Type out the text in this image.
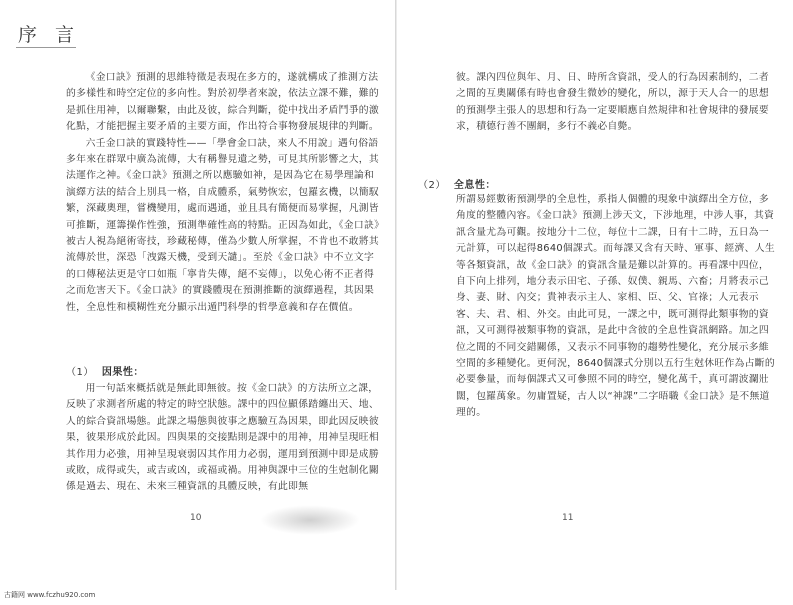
序 言

《金口訣》預測的思維特徵是表現在多方的，遂就構成了推測方法的多樣性和時空定位的多向性。對於初學者來說，依法立課不難，難的是抓住用神，以爾聯繫，由此及彼，綜合判斷，從中找出矛盾鬥爭的激化點，才能把握主要矛盾的主要方面，作出符合事物發展規律的判斷。

六壬金口訣的實踐特性——「學會金口訣，來人不用說」遇句俗語多年來在群眾中廣為流傳，大有稱譽見遺之勢，可見其所影響之大，其法運作之神。《金口訣》預測之所以應驗如神，是因為它在易學理論和演繹方法的結合上別具一格，自成體系，氣勢恢宏，包羅玄機，以簡馭繁，深藏奧理，嘗機變用，處而遇通，並且具有簡便而易掌握，凡測皆可推斷，運籌操作性強，預測準確性高的特點。正因為如此，《金口訣》被古人視為絕術寄技，珍藏秘傳，僅為少數人所掌握，不肯也不敢將其流傳於世，深恐「洩露天機，受到天譴」。至於《金口訣》中不立文字的口傳秘法更是守口如瓶「寧肯失傳，絕不妄傳」，以免心術不正者得之而危害天下。《金口訣》的實踐體現在預測推斷的演繹過程，其因果性，全息性和模糊性充分顯示出遁門科學的哲學意義和存在價值。

（1） 因果性：

用一句話來概括就是無此即無彼。按《金口訣》的方法所立之課，反映了求測者所處的特定的時空狀態。課中的四位顯係踏纏出天、地、人的綜合資訊場態。此課之場態與彼事之應驗互為因果，即此因反映彼果，彼果形成於此因。四與果的交接點則是課中的用神，用神呈現旺相其作用力必強，用神呈現衰弱囚其作用力必弱，運用到預測中即是成勝或敗，成得或失，或吉或凶，或福或禍。用神與課中三位的生尅制化關係是過去、現在、未來三種資訊的具體反映，有此即無

10

彼。課內四位與年、月、日、時所含資訊，受人的行為因素制約，二者之間的互奧關係有時也會發生微妙的變化，所以，源于天人合一的思想的預測學主張人的思想和行為一定要順應自然規律和社會規律的發展要求，積德行善不團網，多行不義必自斃。

（2） 全息性：

所謂易經數術預測學的全息性，系指人個體的現象中演繹出全方位，多角度的整體內容。《金口訣》預測上涉天文，下涉地理，中涉人事，其資訊含量尤為可觀。按地分十二位，每位十二課，日有十二時，五日為一元計算，可以起得8640個課式。而每課又含有天時、軍事、經濟、人生等各類資訊，故《金口訣》的資訊含量是難以計算的。再看課中四位，自下向上排列，地分表示田宅、子孫、奴僕、親馬、六畜；月將表示己身、妻、財、內交；貴神表示主人、家相、臣、父、官祿；人元表示客、夫、君、相、外交。由此可見，一課之中，既可測得此類事物的資訊，又可測得被類事物的資訊，是此中含彼的全息性資訊網路。加之四位之間的不同交錯關係，又表示不同事物的趨勢性變化，充分展示多維空間的多種變化。更何況，8640個課式分別以五行生尅休旺作為占斷的必要參量，而每個課式又可參照不同的時空，變化萬千，真可謂波瀾壯闊，包羅萬象。勿庸置疑，古人以“神課”二字晤職《金口訣》是不無道理的。

11
古籍网 www.fczhu920.com
